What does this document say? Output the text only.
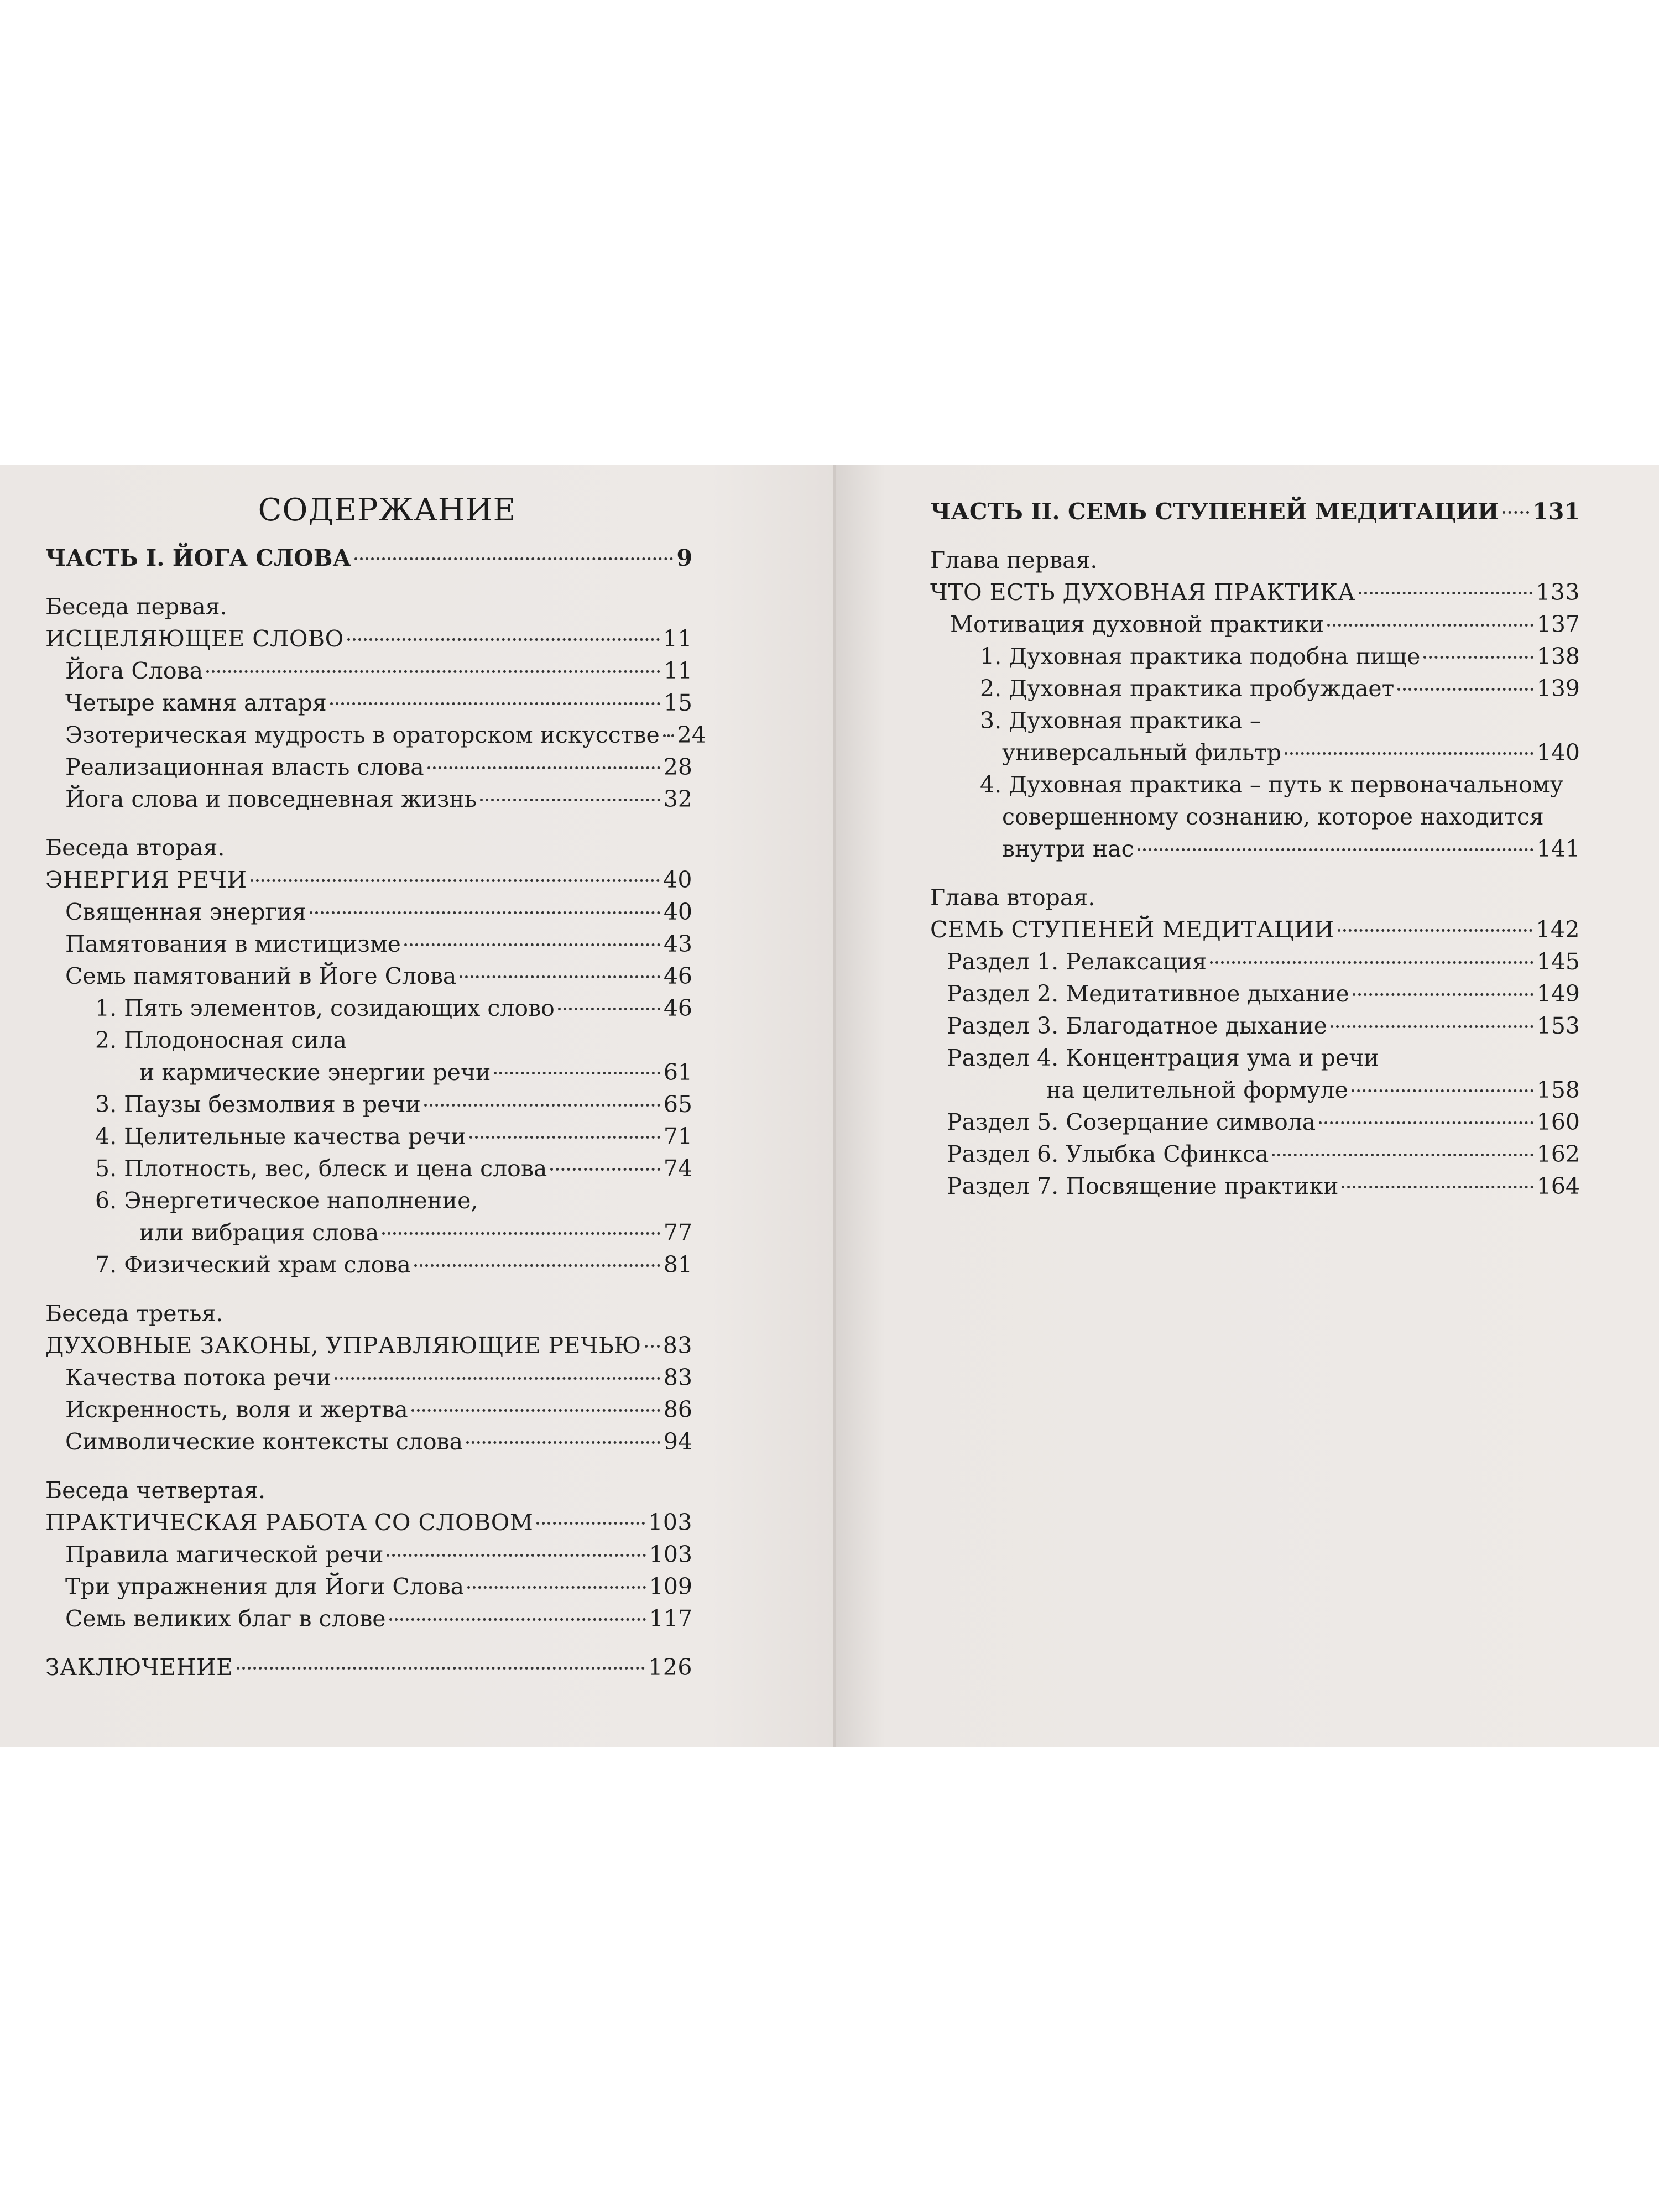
СОДЕРЖАНИЕ
ЧАСТЬ I. ЙОГА СЛОВА	9
Беседа первая.
ИСЦЕЛЯЮЩЕЕ СЛОВО	11
Йога Слова	11
Четыре камня алтаря	15
Эзотерическая мудрость в ораторском искусстве 24
Реализационная власть слова	28
Йога слова и повседневная жизнь	32
Беседа вторая.
ЭНЕРГИЯ РЕЧИ	40
Священная энергия	40
Памятования в мистицизме	43
Семь памятований в Йоге Слова	46
1. Пять элементов, созидающих слово	46
2. Плодоносная сила
и кармические энергии речи	61
3. Паузы безмолвия в речи	65
4. Целительные качества речи	71
5. Плотность, вес, блеск и цена слова	74
6. Энергетическое наполнение,
или вибрация слова	77
7. Физический храм слова	81
Беседа третья.
ДУХОВНЫЕ ЗАКОНЫ, УПРАВЛЯЮЩИЕ РЕЧЬЮ 83
Качества потока речи	83
Искренность, воля и жертва	86
Символические контексты слова	94
Беседа четвертая.
ПРАКТИЧЕСКАЯ РАБОТА СО СЛОВОМ	103
Правила магической речи	103
Три упражнения для Йоги Слова	109
Семь великих благ в слове	117
ЗАКЛЮЧЕНИЕ	126
ЧАСТЬ II. СЕМЬ СТУПЕНЕЙ МЕДИТАЦИИ 131
Глава первая.
ЧТО ЕСТЬ ДУХОВНАЯ ПРАКТИКА	133
Мотивация духовной практики	137
1. Духовная практика подобна пище	138
2. Духовная практика пробуждает	139
3. Духовная практика –
универсальный фильтр	140
4. Духовная практика – путь к первоначальному
совершенному сознанию, которое находится
внутри нас	141
Глава вторая.
СЕМЬ СТУПЕНЕЙ МЕДИТАЦИИ	142
Раздел 1. Релаксация	145
Раздел 2. Медитативное дыхание	149
Раздел 3. Благодатное дыхание	153
Раздел 4. Концентрация ума и речи
на целительной формуле	158
Раздел 5. Созерцание символа	160
Раздел 6. Улыбка Сфинкса	162
Раздел 7. Посвящение практики	164
